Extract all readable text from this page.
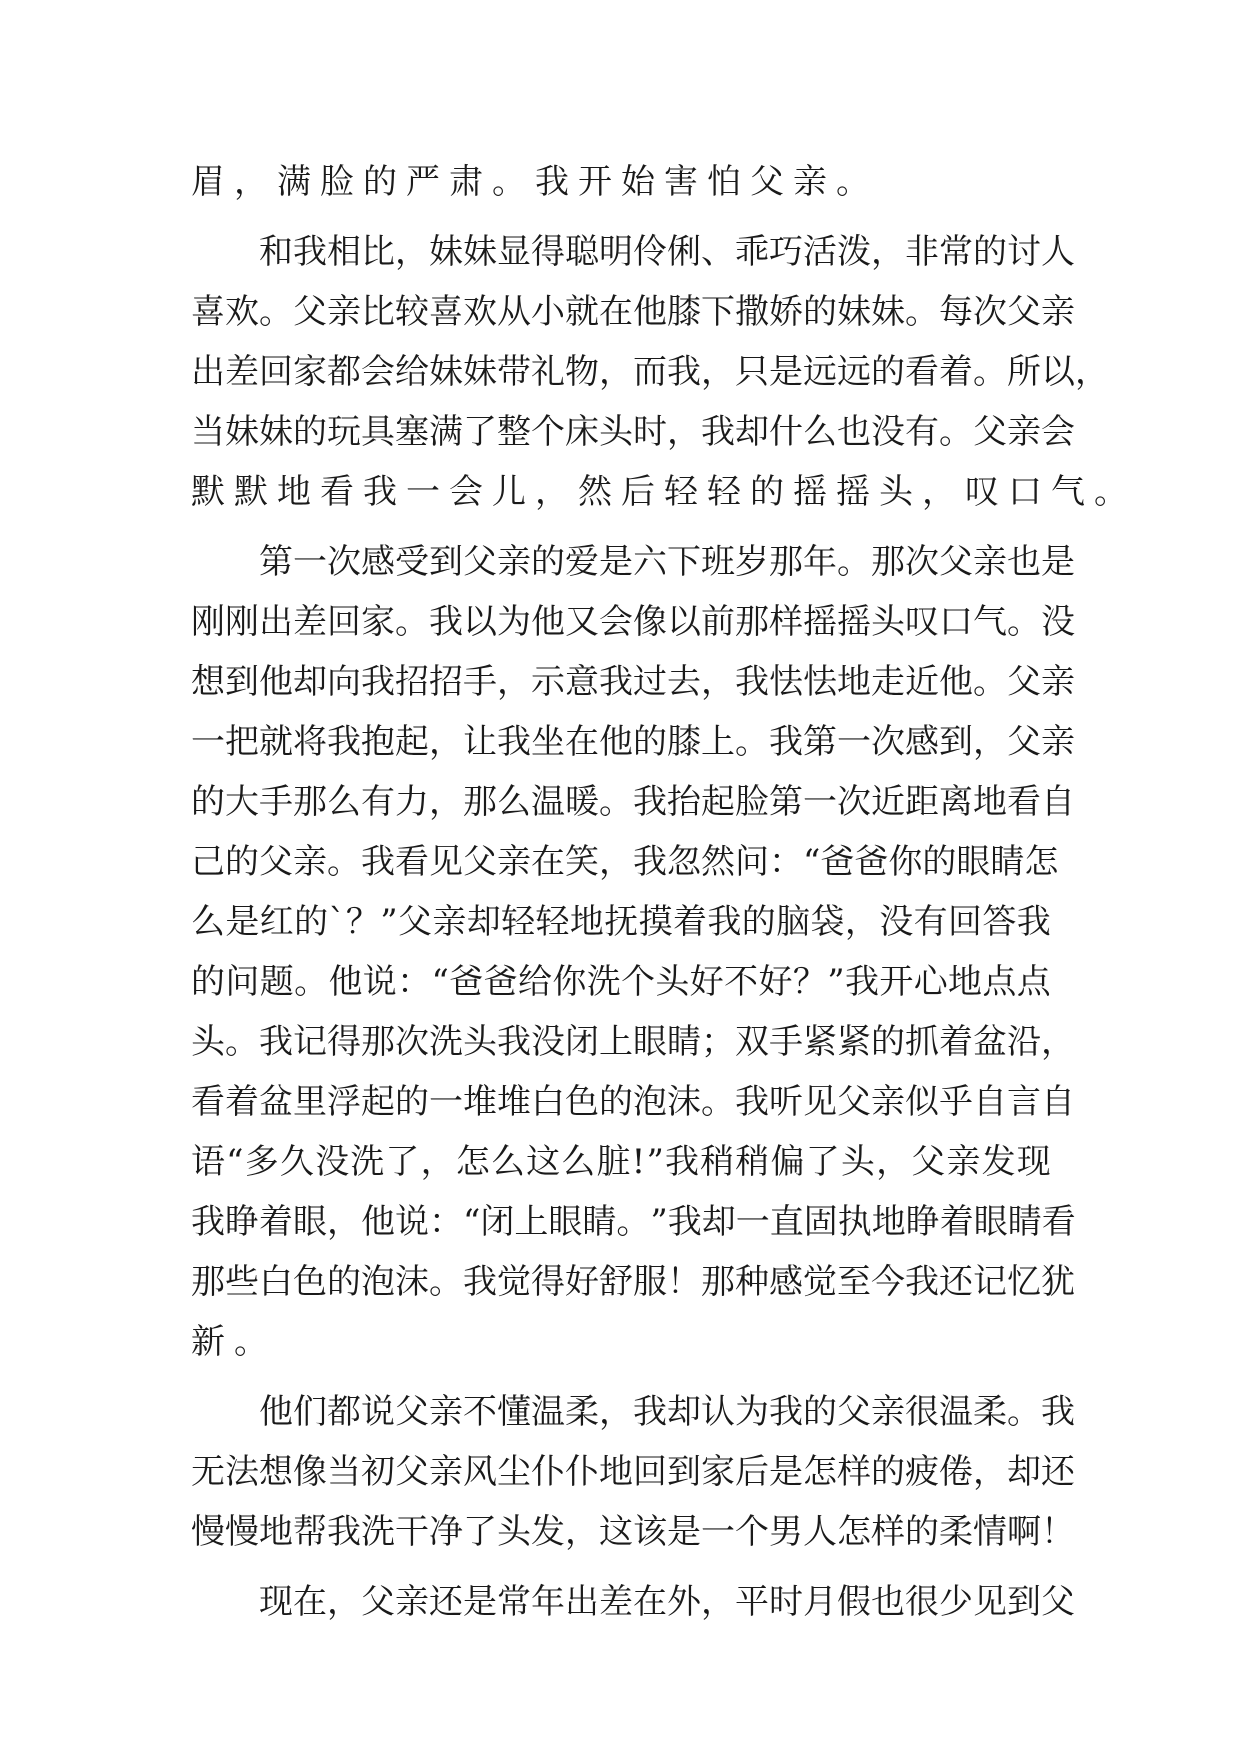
眉，满脸的严肃。我开始害怕父亲。
和 我 相 比 ， 妹 妹 显 得 聪 明 伶 俐 、 乖 巧 活 泼 ， 非 常 的 讨 人
喜 欢 。 父 亲 比 较 喜 欢 从 小 就 在 他 膝 下 撒 娇 的 妹 妹 。 每 次 父 亲
出 差 回 家 都 会 给 妹 妹 带 礼 物 ， 而 我 ， 只 是 远 远 的 看 着 。 所 以 ，
当 妹 妹 的 玩 具 塞 满 了 整 个 床 头 时 ， 我 却 什 么 也 没 有 。 父 亲 会
默默地看我一会儿，然后轻轻的摇摇头，叹口气。
第 一 次 感 受 到 父 亲 的 爱 是 六 下 班 岁 那 年 。 那 次 父 亲 也 是
刚 刚 出 差 回 家 。 我 以 为 他 又 会 像 以 前 那 样 摇 摇 头 叹 口 气 。 没
想 到 他 却 向 我 招 招 手 ， 示 意 我 过 去 ， 我 怯 怯 地 走 近 他 。 父 亲
一 把 就 将 我 抱 起 ， 让 我 坐 在 他 的 膝 上 。 我 第 一 次 感 到 ， 父 亲
的 大 手 那 么 有 力 ， 那 么 温 暖 。 我 抬 起 脸 第 一 次 近 距 离 地 看 自
己 的 父 亲 。 我 看 见 父 亲 在 笑 ， 我 忽 然 问 ： “ 爸 爸 你 的 眼 睛 怎
么 是 红 的 ` ？ ” 父 亲 却 轻 轻 地 抚 摸 着 我 的 脑 袋 ， 没 有 回 答 我
的 问 题 。 他 说 ： “ 爸 爸 给 你 洗 个 头 好 不 好 ？ ” 我 开 心 地 点 点
头 。 我 记 得 那 次 洗 头 我 没 闭 上 眼 睛 ； 双 手 紧 紧 的 抓 着 盆 沿 ，
看 着 盆 里 浮 起 的 一 堆 堆 白 色 的 泡 沫 。 我 听 见 父 亲 似 乎 自 言 自
语 “ 多 久 没 洗 了 ， 怎 么 这 么 脏 ! ” 我 稍 稍 偏 了 头 ， 父 亲 发 现
我 睁 着 眼 ， 他 说 ： “ 闭 上 眼 睛 。 ” 我 却 一 直 固 执 地 睁 着 眼 睛 看
那 些 白 色 的 泡 沫 。 我 觉 得 好 舒 服 ！ 那 种 感 觉 至 今 我 还 记 忆 犹
新。
他 们 都 说 父 亲 不 懂 温 柔 ， 我 却 认 为 我 的 父 亲 很 温 柔 。 我
无 法 想 像 当 初 父 亲 风 尘 仆 仆 地 回 到 家 后 是 怎 样 的 疲 倦 ， 却 还
慢 慢 地 帮 我 洗 干 净 了 头 发 ， 这 该 是 一 个 男 人 怎 样 的 柔 情 啊 ！
现 在 ， 父 亲 还 是 常 年 出 差 在 外 ， 平 时 月 假 也 很 少 见 到 父
